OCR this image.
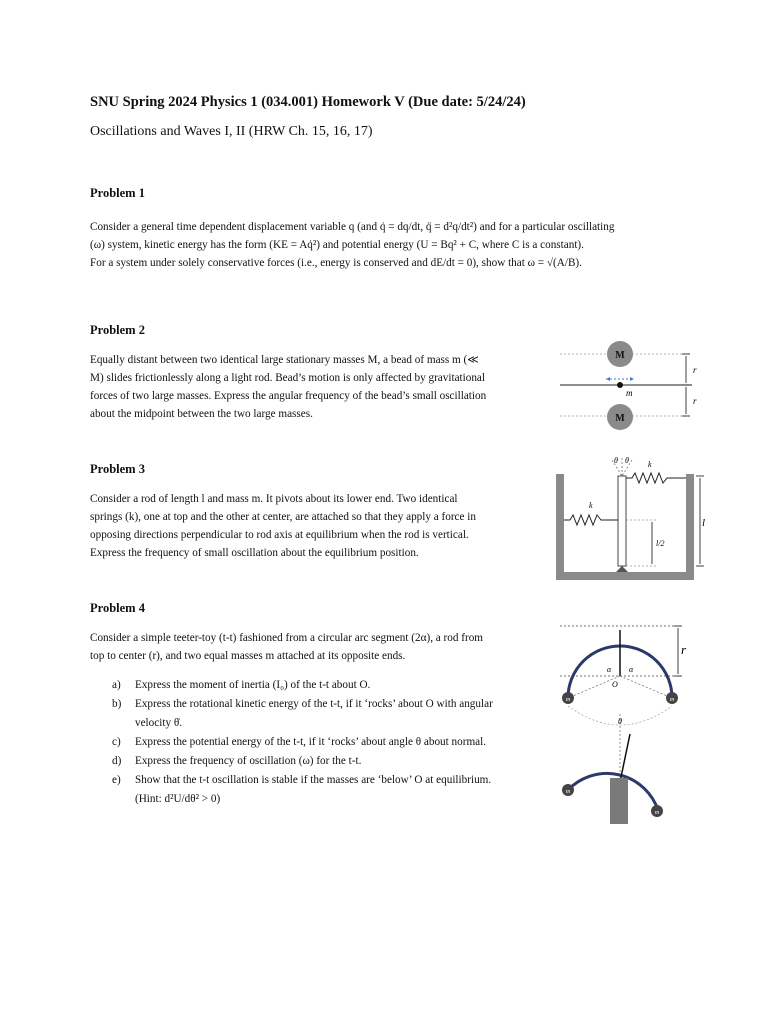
SNU Spring 2024 Physics 1 (034.001) Homework V (Due date: 5/24/24)
Oscillations and Waves I, II (HRW Ch. 15, 16, 17)
Problem 1
Consider a general time dependent displacement variable q (and q̇ = dq/dt, q̈ = d²q/dt²) and for a particular oscillating
(ω) system, kinetic energy has the form (KE = Aq̇²) and potential energy (U = Bq² + C, where C is a constant).
For a system under solely conservative forces (i.e., energy is conserved and dE/dt = 0), show that ω = √(A/B).
Problem 2
Equally distant between two identical large stationary masses M, a bead of mass m (≪
M) slides frictionlessly along a light rod. Bead’s motion is only affected by gravitational
forces of two large masses. Express the angular frequency of the bead’s small oscillation
about the midpoint between the two large masses.
M
M
m
r
r
Problem 3
Consider a rod of length l and mass m. It pivots about its lower end. Two identical
springs (k), one at top and the other at center, are attached so that they apply a force in
opposing directions perpendicular to rod axis at equilibrium when the rod is vertical.
Express the frequency of small oscillation about the equilibrium position.
θ θ k
k
l/2
l
Problem 4
Consider a simple teeter-toy (t-t) fashioned from a circular arc segment (2α), a rod from
top to center (r), and two equal masses m attached at its opposite ends.
a) Express the moment of inertia (I₀) of the t-t about O.
b) Express the rotational kinetic energy of the t-t, if it ‘rocks’ about O with angular
velocity θ̇.
c) Express the potential energy of the t-t, if it ‘rocks’ about angle θ about normal.
d) Express the frequency of oscillation (ω) for the t-t.
e) Show that the t-t oscillation is stable if the masses are ‘below’ O at equilibrium.
(Hint: d²U/dθ² > 0)
r
α α
O
m	m
θ
m
m
